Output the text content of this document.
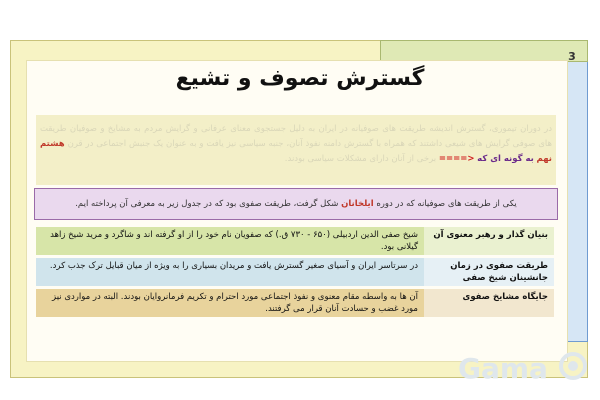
3
گسترش تصوف و تشیع
در دوران تیموری، گسترش اندیشه طریقت های صوفیانه در ایران به دلیل جستجوی معنای عرفانی و گرایش مردم به مشایخ و صوفیان طریقت های صوفی گرایش های شیعی داشتند که همراه با گسترش دامنه نفوذ آنان، جنبه سیاسی نیز یافت و به عنوان یک جنبش اجتماعی در قرن هشتم نهم به گونه ای که <==== برخی از آنان دارای مشکلات سیاسی بودند.
یکی از طریقت های صوفیانه که در دوره ایلخانان شکل گرفت، طریقت صفوی بود که در جدول زیر به معرفی آن پرداخته ایم.
بنیان گذار و رهبر معنوی آن	شیخ صفی الدین اردبیلی (۶۵۰ - ۷۳۰ ق.) که صفویان نام خود را از او گرفته اند و شاگرد و مرید شیخ زاهد گیلانی بود.
طریقت صفوی در زمان جانشینان شیخ صفی	در سرتاسر ایران و آسیای صغیر گسترش یافت و مریدان بسیاری را به ویژه از میان قبایل ترک جذب کرد.
جایگاه مشایخ صفوی	آن ها به واسطه مقام معنوی و نفوذ اجتماعی مورد احترام و تکریم فرمانروایان بودند. البته در مواردی نیز مورد غضب و حسادت آنان قرار می گرفتند.
Gama
